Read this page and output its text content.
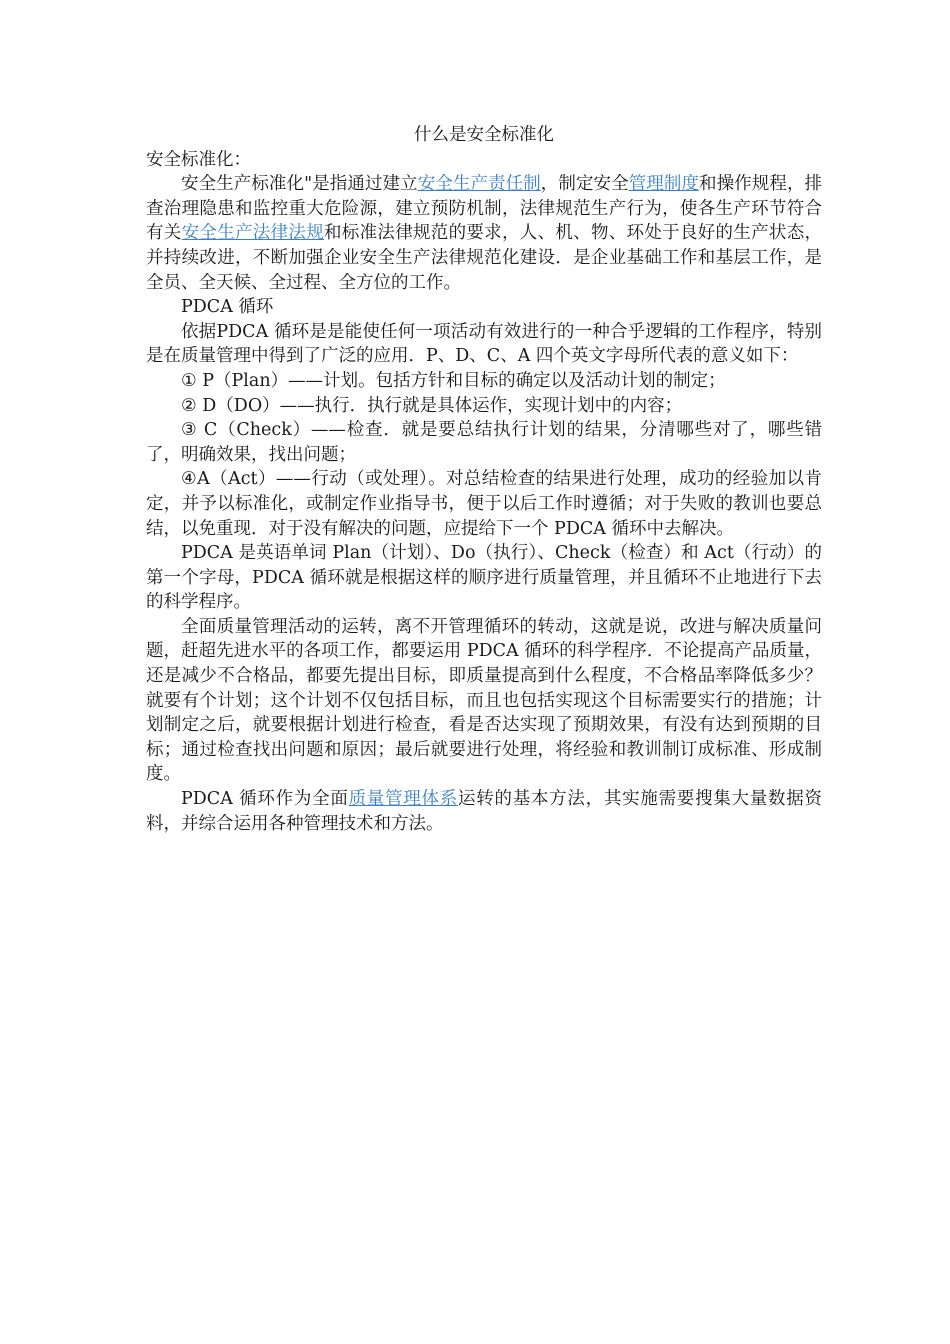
什么是安全标准化

安全标准化：

安全生产标准化"是指通过建立安全生产责任制，制定安全管理制度和操作规程，排查治理隐患和监控重大危险源，建立预防机制，法律规范生产行为，使各生产环节符合有关安全生产法律法规和标准法律规范的要求，人、机、物、环处于良好的生产状态，并持续改进，不断加强企业安全生产法律规范化建设．是企业基础工作和基层工作，是全员、全天候、全过程、全方位的工作。

PDCA 循环

依据PDCA 循环是是能使任何一项活动有效进行的一种合乎逻辑的工作程序，特别是在质量管理中得到了广泛的应用．P、D、C、A 四个英文字母所代表的意义如下：

① P（Plan）——计划。包括方针和目标的确定以及活动计划的制定；

② D（DO）——执行．执行就是具体运作，实现计划中的内容；

③ C（Check）——检查．就是要总结执行计划的结果，分清哪些对了，哪些错了，明确效果，找出问题；

④A（Act）——行动（或处理）。对总结检查的结果进行处理，成功的经验加以肯定，并予以标准化，或制定作业指导书，便于以后工作时遵循；对于失败的教训也要总结，以免重现．对于没有解决的问题，应提给下一个 PDCA 循环中去解决。

PDCA 是英语单词 Plan（计划）、Do（执行）、Check（检查）和 Act（行动）的第一个字母，PDCA 循环就是根据这样的顺序进行质量管理，并且循环不止地进行下去的科学程序。

全面质量管理活动的运转，离不开管理循环的转动，这就是说，改进与解决质量问题，赶超先进水平的各项工作，都要运用 PDCA 循环的科学程序．不论提高产品质量，还是减少不合格品，都要先提出目标，即质量提高到什么程度，不合格品率降低多少？就要有个计划；这个计划不仅包括目标，而且也包括实现这个目标需要实行的措施；计划制定之后，就要根据计划进行检查，看是否达实现了预期效果，有没有达到预期的目标；通过检查找出问题和原因；最后就要进行处理，将经验和教训制订成标准、形成制度。

PDCA 循环作为全面质量管理体系运转的基本方法，其实施需要搜集大量数据资料，并综合运用各种管理技术和方法。
